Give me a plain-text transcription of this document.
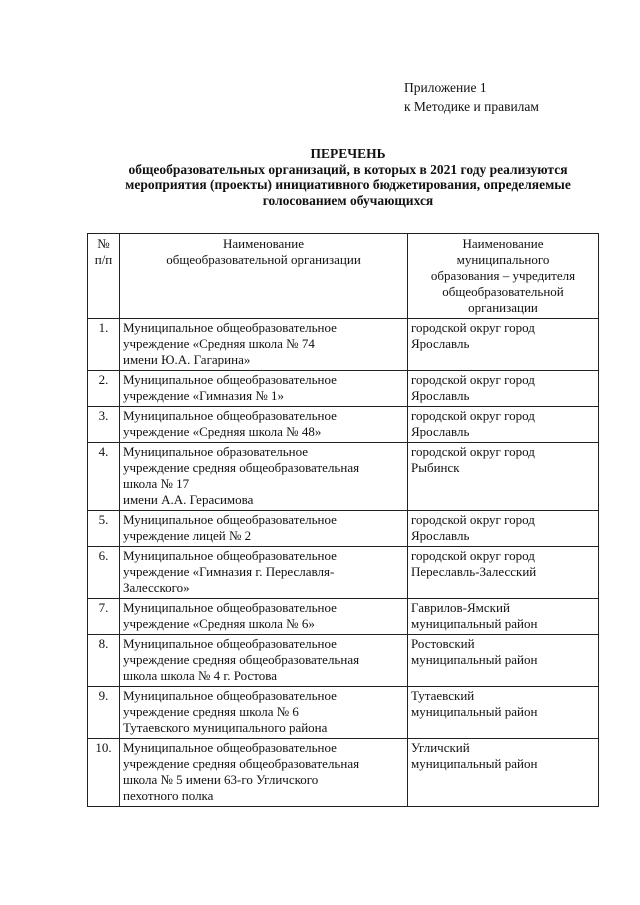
Приложение 1
к Методике и правилам
ПЕРЕЧЕНЬ
общеобразовательных организаций, в которых в 2021 году реализуются
мероприятия (проекты) инициативного бюджетирования, определяемые
голосованием обучающихся
№
п/п	Наименование
общеобразовательной организации	Наименование
муниципального
образования – учредителя
общеобразовательной
организации

1.	Муниципальное общеобразовательное
учреждение «Средняя школа № 74
имени Ю.А. Гагарина»	городской округ город
Ярославль

2.	Муниципальное общеобразовательное
учреждение «Гимназия № 1»	городской округ город
Ярославль

3.	Муниципальное общеобразовательное
учреждение «Средняя школа № 48»	городской округ город
Ярославль

4.	Муниципальное образовательное
учреждение средняя общеобразовательная
школа № 17
имени А.А. Герасимова	городской округ город
Рыбинск

5.	Муниципальное общеобразовательное
учреждение лицей № 2	городской округ город
Ярославль

6.	Муниципальное общеобразовательное
учреждение «Гимназия г. Переславля-
Залесского»	городской округ город
Переславль-Залесский

7.	Муниципальное общеобразовательное
учреждение «Средняя школа № 6»	Гаврилов-Ямский
муниципальный район

8.	Муниципальное общеобразовательное
учреждение средняя общеобразовательная
школа школа № 4 г. Ростова	Ростовский
муниципальный район

9.	Муниципальное общеобразовательное
учреждение средняя школа № 6
Тутаевского муниципального района	Тутаевский
муниципальный район

10.	Муниципальное общеобразовательное
учреждение средняя общеобразовательная
школа № 5 имени 63-го Угличского
пехотного полка	Угличский
муниципальный район
